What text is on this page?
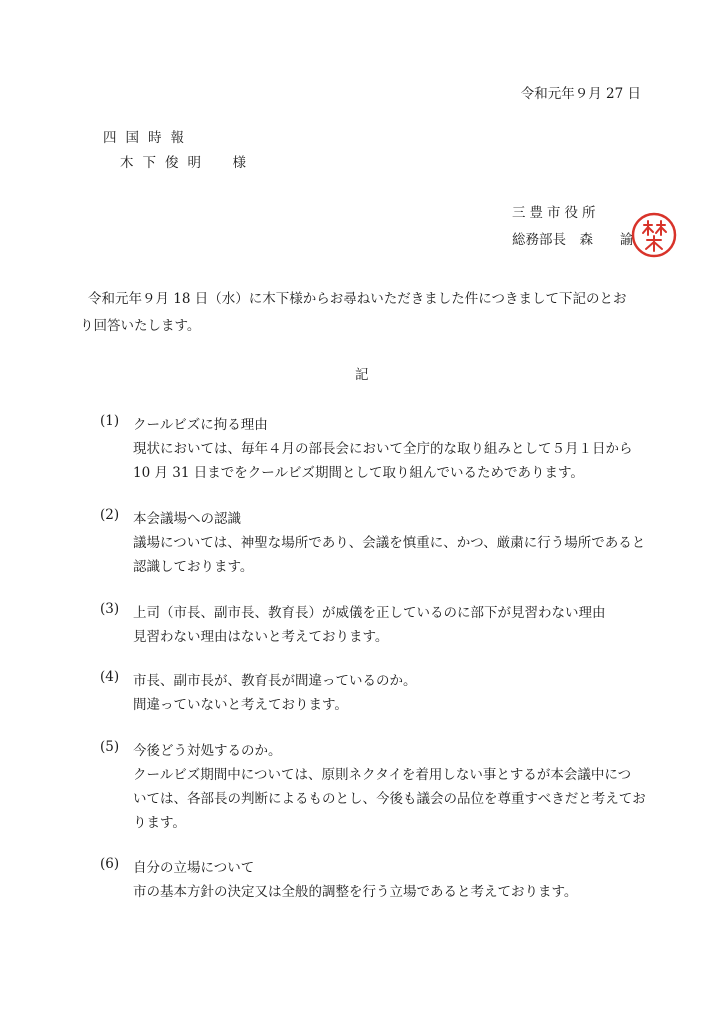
令和元年９月 27 日
四国時報
木下俊明　様
三豊市役所
総務部長　森　　諭
令和元年９月 18 日（水）に木下様からお尋ねいただきました件につきまして下記のとお
り回答いたします。
記
(1) クールビズに拘る理由
現状においては、毎年４月の部長会において全庁的な取り組みとして５月１日から
10 月 31 日までをクールビズ期間として取り組んでいるためであります。
(2) 本会議場への認識
議場については、神聖な場所であり、会議を慎重に、かつ、厳粛に行う場所であると
認識しております。
(3) 上司（市長、副市長、教育長）が威儀を正しているのに部下が見習わない理由
見習わない理由はないと考えております。
(4) 市長、副市長が、教育長が間違っているのか。
間違っていないと考えております。
(5) 今後どう対処するのか。
クールビズ期間中については、原則ネクタイを着用しない事とするが本会議中につ
いては、各部長の判断によるものとし、今後も議会の品位を尊重すべきだと考えてお
ります。
(6) 自分の立場について
市の基本方針の決定又は全般的調整を行う立場であると考えております。
